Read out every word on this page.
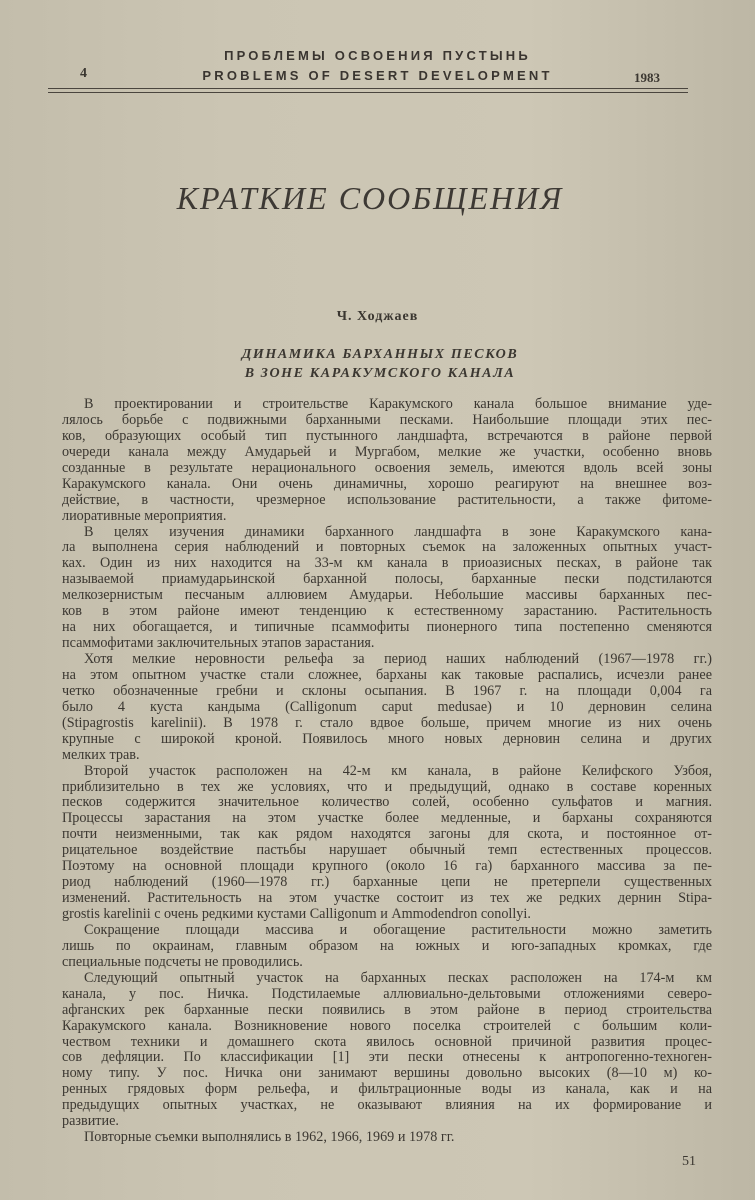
4
ПРОБЛЕМЫ ОСВОЕНИЯ ПУСТЫНЬ
PROBLEMS OF DESERT DEVELOPMENT	1983
КРАТКИЕ СООБЩЕНИЯ
Ч. Ходжаев
ДИНАМИКА БАРХАННЫХ ПЕСКОВ
В ЗОНЕ КАРАКУМСКОГО КАНАЛА
В проектировании и строительстве Каракумского канала большое внимание уде-
лялось борьбе с подвижными барханными песками. Наибольшие площади этих пес-
ков, образующих особый тип пустынного ландшафта, встречаются в районе первой
очереди канала между Амударьей и Мургабом, мелкие же участки, особенно вновь
созданные в результате нерационального освоения земель, имеются вдоль всей зоны
Каракумского канала. Они очень динамичны, хорошо реагируют на внешнее воз-
действие, в частности, чрезмерное использование растительности, а также фитоме-
лиоративные мероприятия.
В целях изучения динамики барханного ландшафта в зоне Каракумского кана-
ла выполнена серия наблюдений и повторных съемок на заложенных опытных участ-
ках. Один из них находится на 33-м км канала в приоазисных песках, в районе так
называемой приамударьинской барханной полосы, барханные пески подстилаются
мелкозернистым песчаным аллювием Амударьи. Небольшие массивы барханных пес-
ков в этом районе имеют тенденцию к естественному зарастанию. Растительность
на них обогащается, и типичные псаммофиты пионерного типа постепенно сменяются
псаммофитами заключительных этапов зарастания.
Хотя мелкие неровности рельефа за период наших наблюдений (1967—1978 гг.)
на этом опытном участке стали сложнее, барханы как таковые распались, исчезли ранее
четко обозначенные гребни и склоны осыпания. В 1967 г. на площади 0,004 га
было 4 куста кандыма (Calligonum caput medusae) и 10 дерновин селина
(Stipagrostis karelinii). В 1978 г. стало вдвое больше, причем многие из них очень
крупные с широкой кроной. Появилось много новых дерновин селина и других
мелких трав.
Второй участок расположен на 42-м км канала, в районе Келифского Узбоя,
приблизительно в тех же условиях, что и предыдущий, однако в составе коренных
песков содержится значительное количество солей, особенно сульфатов и магния.
Процессы зарастания на этом участке более медленные, и барханы сохраняются
почти неизменными, так как рядом находятся загоны для скота, и постоянное от-
рицательное воздействие пастьбы нарушает обычный темп естественных процессов.
Поэтому на основной площади крупного (около 16 га) барханного массива за пе-
риод наблюдений (1960—1978 гг.) барханные цепи не претерпели существенных
изменений. Растительность на этом участке состоит из тех же редких дернин Stipa-
grostis karelinii с очень редкими кустами Calligonum и Ammodendron conollyi.
Сокращение площади массива и обогащение растительности можно заметить
лишь по окраинам, главным образом на южных и юго-западных кромках, где
специальные подсчеты не проводились.
Следующий опытный участок на барханных песках расположен на 174-м км
канала, у пос. Ничка. Подстилаемые аллювиально-дельтовыми отложениями северо-
афганских рек барханные пески появились в этом районе в период строительства
Каракумского канала. Возникновение нового поселка строителей с большим коли-
чеством техники и домашнего скота явилось основной причиной развития процес-
сов дефляции. По классификации [1] эти пески отнесены к антропогенно-техноген-
ному типу. У пос. Ничка они занимают вершины довольно высоких (8—10 м) ко-
ренных грядовых форм рельефа, и фильтрационные воды из канала, как и на
предыдущих опытных участках, не оказывают влияния на их формирование и
развитие.
Повторные съемки выполнялись в 1962, 1966, 1969 и 1978 гг.
51
